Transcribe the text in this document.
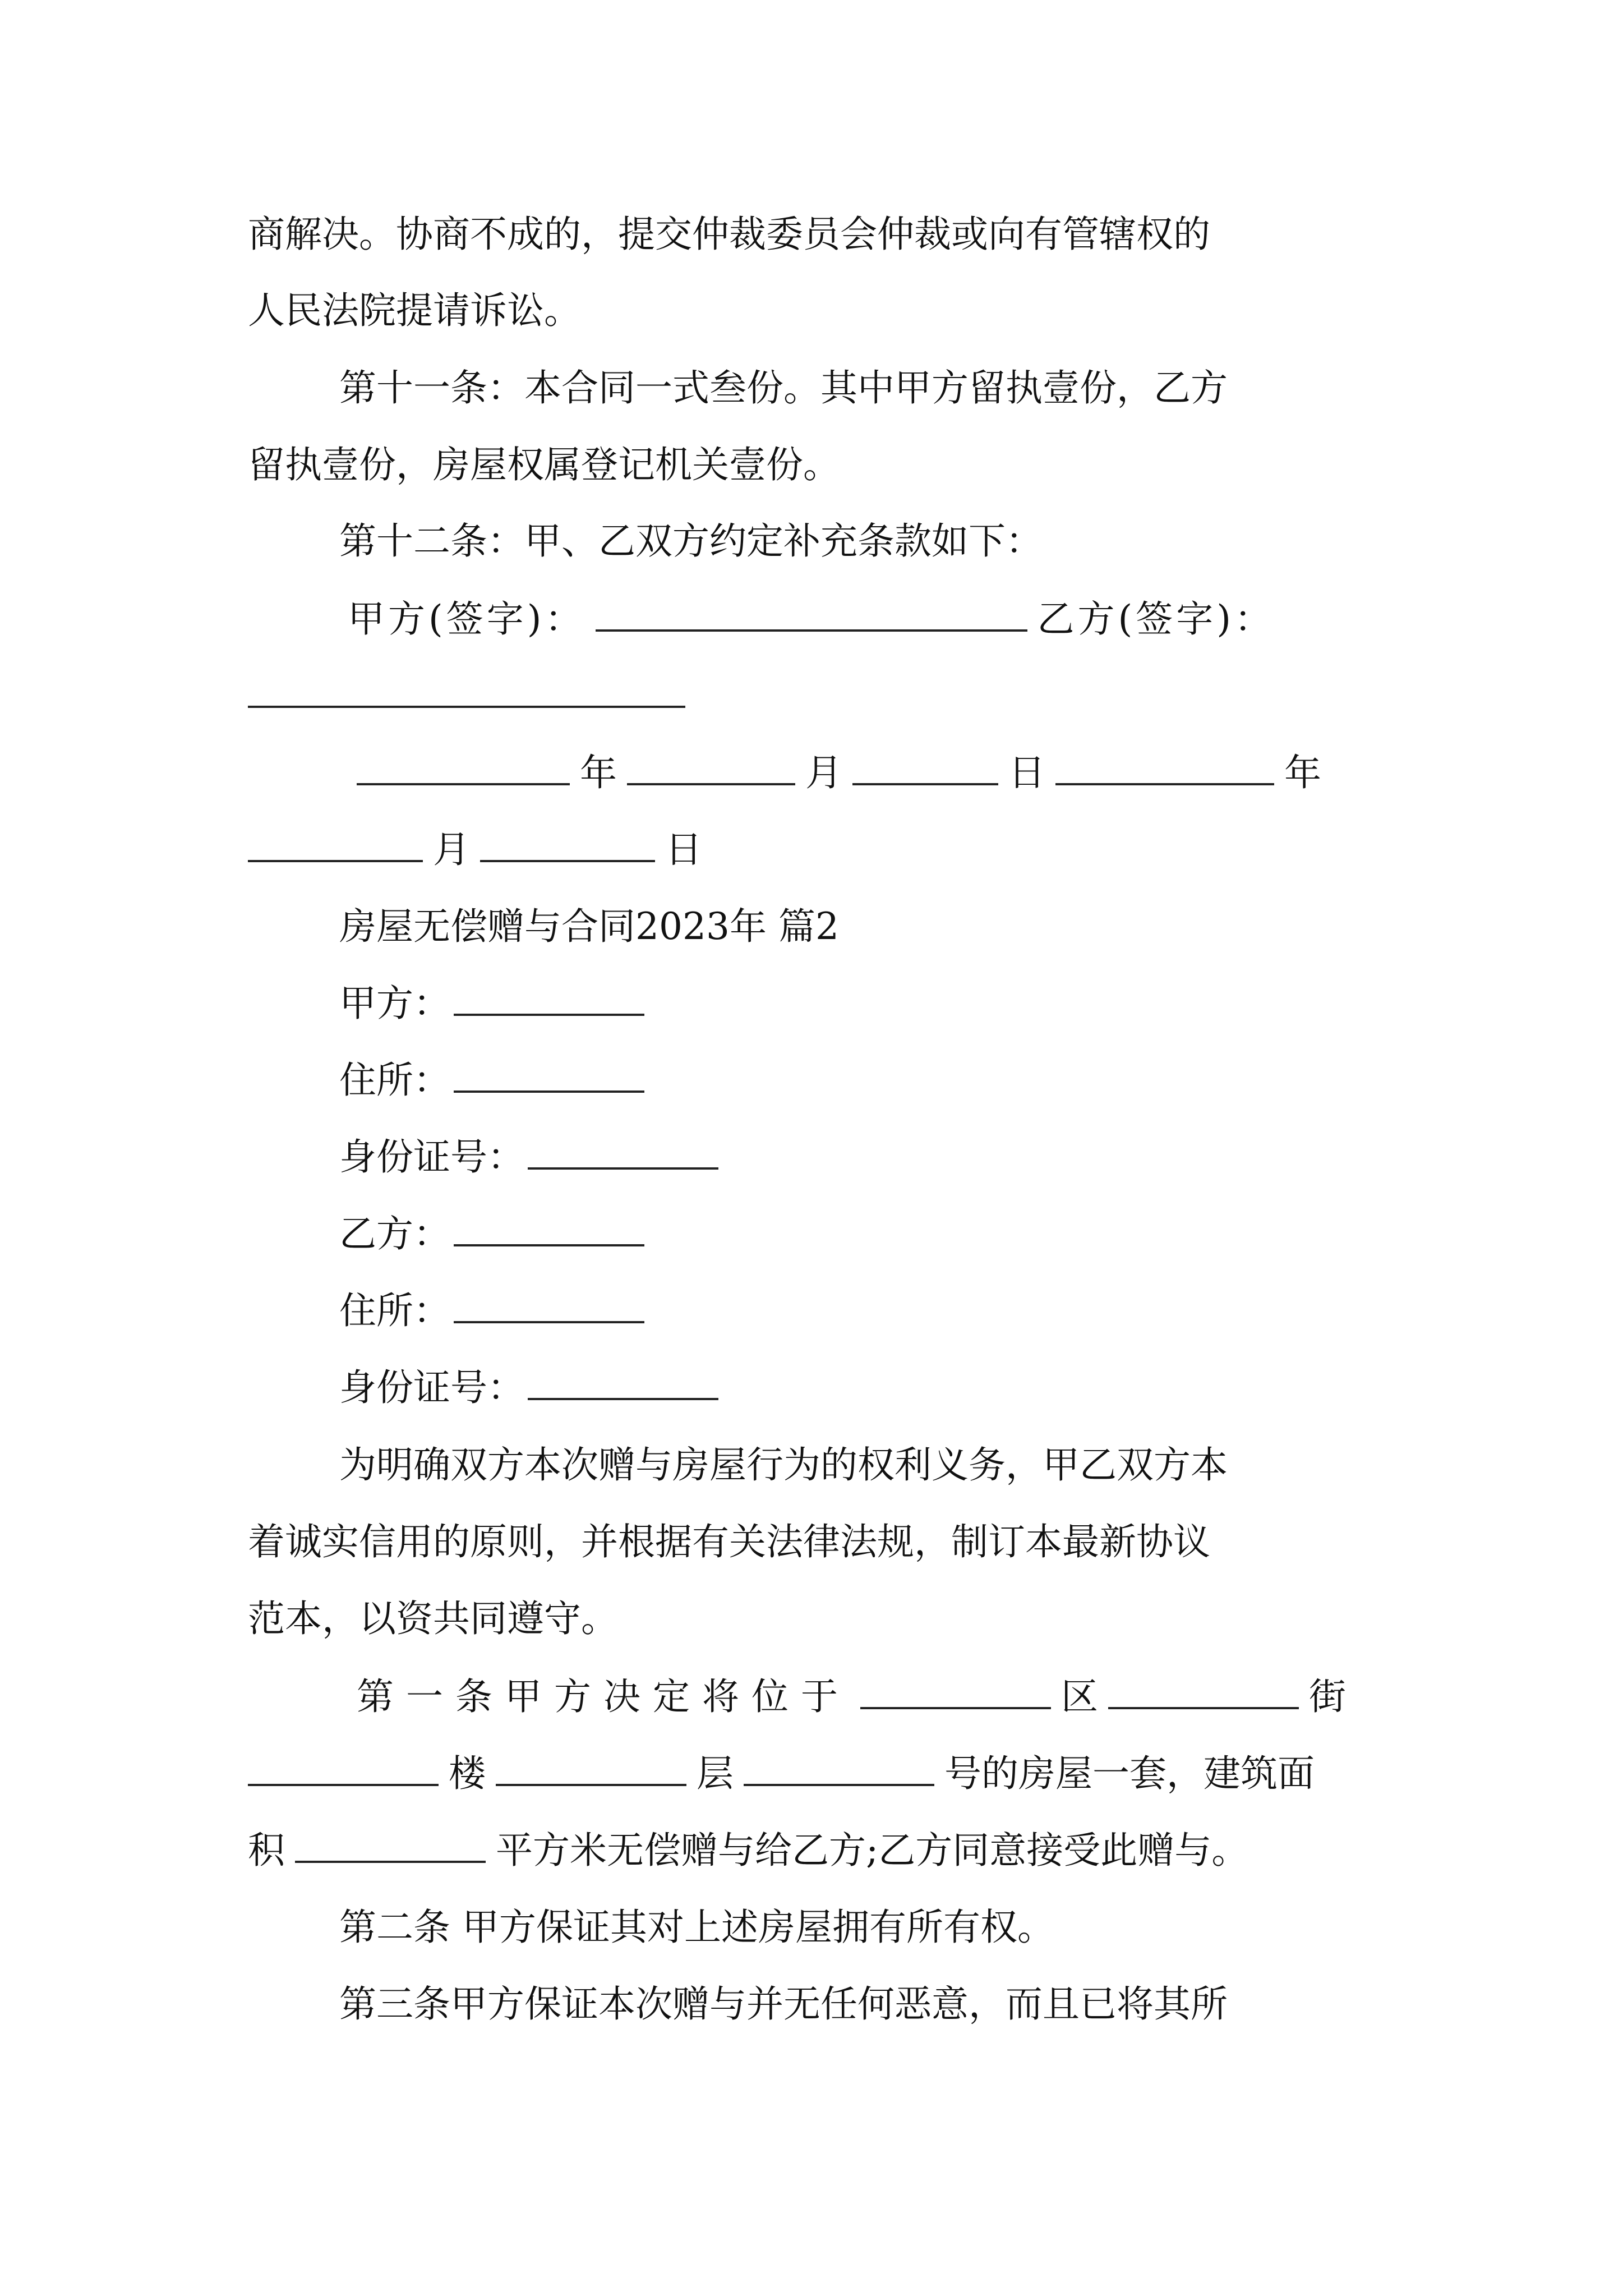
商解决。协商不成的，提交仲裁委员会仲裁或向有管辖权的
人民法院提请诉讼。
第十一条：本合同一式叁份。其中甲方留执壹份，乙方
留执壹份，房屋权属登记机关壹份。
第十二条：甲、乙双方约定补充条款如下：
甲方(签字)：	乙方(签字)：
年	月	日	年
月	日
房屋无偿赠与合同2023年 篇2
甲方：
住所：
身份证号：
乙方：
住所：
身份证号：
为明确双方本次赠与房屋行为的权利义务，甲乙双方本
着诚实信用的原则，并根据有关法律法规，制订本最新协议
范本，以资共同遵守。
第一条甲方决定将位于	区	街
楼	层	号的房屋一套，建筑面
积	平方米无偿赠与给乙方;乙方同意接受此赠与。
第二条 甲方保证其对上述房屋拥有所有权。
第三条甲方保证本次赠与并无任何恶意，而且已将其所
